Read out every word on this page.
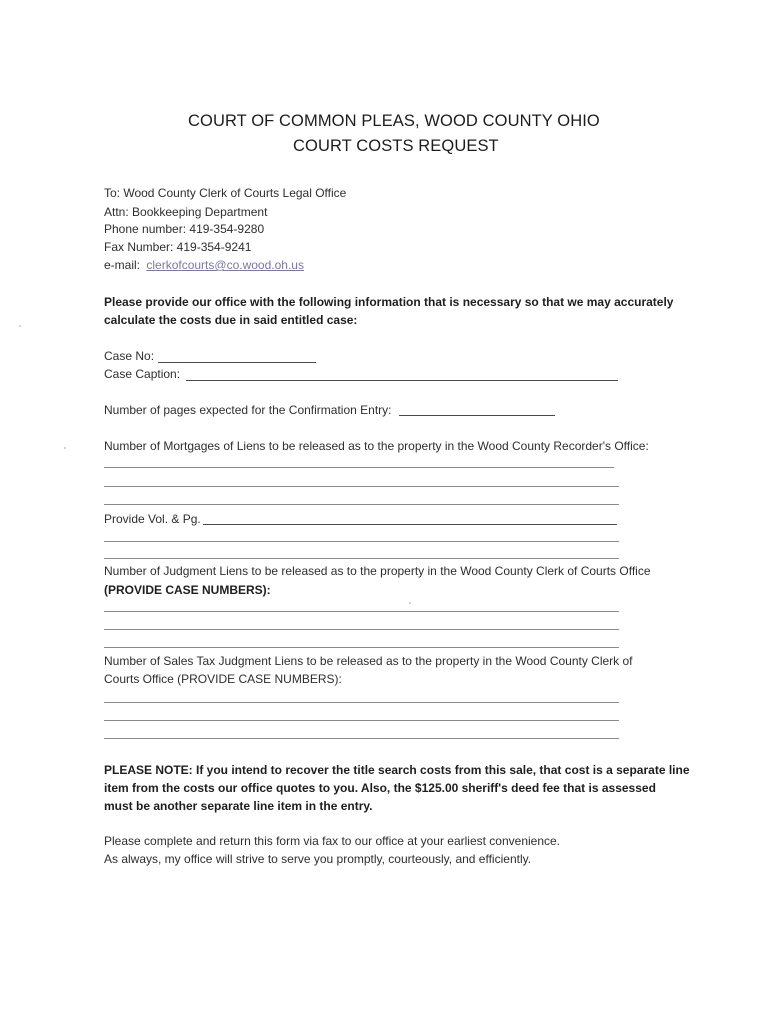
COURT OF COMMON PLEAS, WOOD COUNTY OHIO
COURT COSTS REQUEST
To: Wood County Clerk of Courts Legal Office
Attn: Bookkeeping Department
Phone number: 419-354-9280
Fax Number: 419-354-9241
e-mail: clerkofcourts@co.wood.oh.us
Please provide our office with the following information that is necessary so that we may accurately
calculate the costs due in said entitled case:
Case No:
Case Caption:
Number of pages expected for the Confirmation Entry:
Number of Mortgages of Liens to be released as to the property in the Wood County Recorder's Office:
Provide Vol. & Pg.
Number of Judgment Liens to be released as to the property in the Wood County Clerk of Courts Office
(PROVIDE CASE NUMBERS):
Number of Sales Tax Judgment Liens to be released as to the property in the Wood County Clerk of
Courts Office (PROVIDE CASE NUMBERS):
PLEASE NOTE: If you intend to recover the title search costs from this sale, that cost is a separate line
item from the costs our office quotes to you. Also, the $125.00 sheriff's deed fee that is assessed
must be another separate line item in the entry.
Please complete and return this form via fax to our office at your earliest convenience.
As always, my office will strive to serve you promptly, courteously, and efficiently.
